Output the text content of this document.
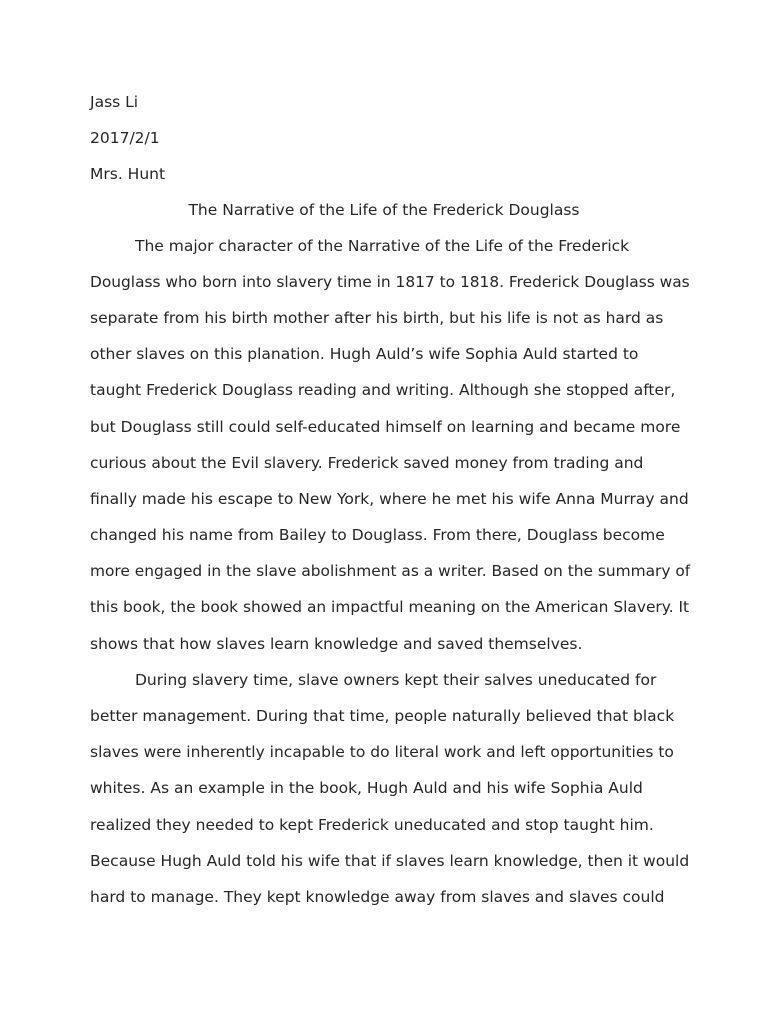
Jass Li
2017/2/1
Mrs. Hunt
The Narrative of the Life of the Frederick Douglass
The major character of the Narrative of the Life of the Frederick
Douglass who born into slavery time in 1817 to 1818. Frederick Douglass was
separate from his birth mother after his birth, but his life is not as hard as
other slaves on this planation. Hugh Auld’s wife Sophia Auld started to
taught Frederick Douglass reading and writing. Although she stopped after,
but Douglass still could self-educated himself on learning and became more
curious about the Evil slavery. Frederick saved money from trading and
finally made his escape to New York, where he met his wife Anna Murray and
changed his name from Bailey to Douglass. From there, Douglass become
more engaged in the slave abolishment as a writer. Based on the summary of
this book, the book showed an impactful meaning on the American Slavery. It
shows that how slaves learn knowledge and saved themselves.
During slavery time, slave owners kept their salves uneducated for
better management. During that time, people naturally believed that black
slaves were inherently incapable to do literal work and left opportunities to
whites. As an example in the book, Hugh Auld and his wife Sophia Auld
realized they needed to kept Frederick uneducated and stop taught him.
Because Hugh Auld told his wife that if slaves learn knowledge, then it would
hard to manage. They kept knowledge away from slaves and slaves could
